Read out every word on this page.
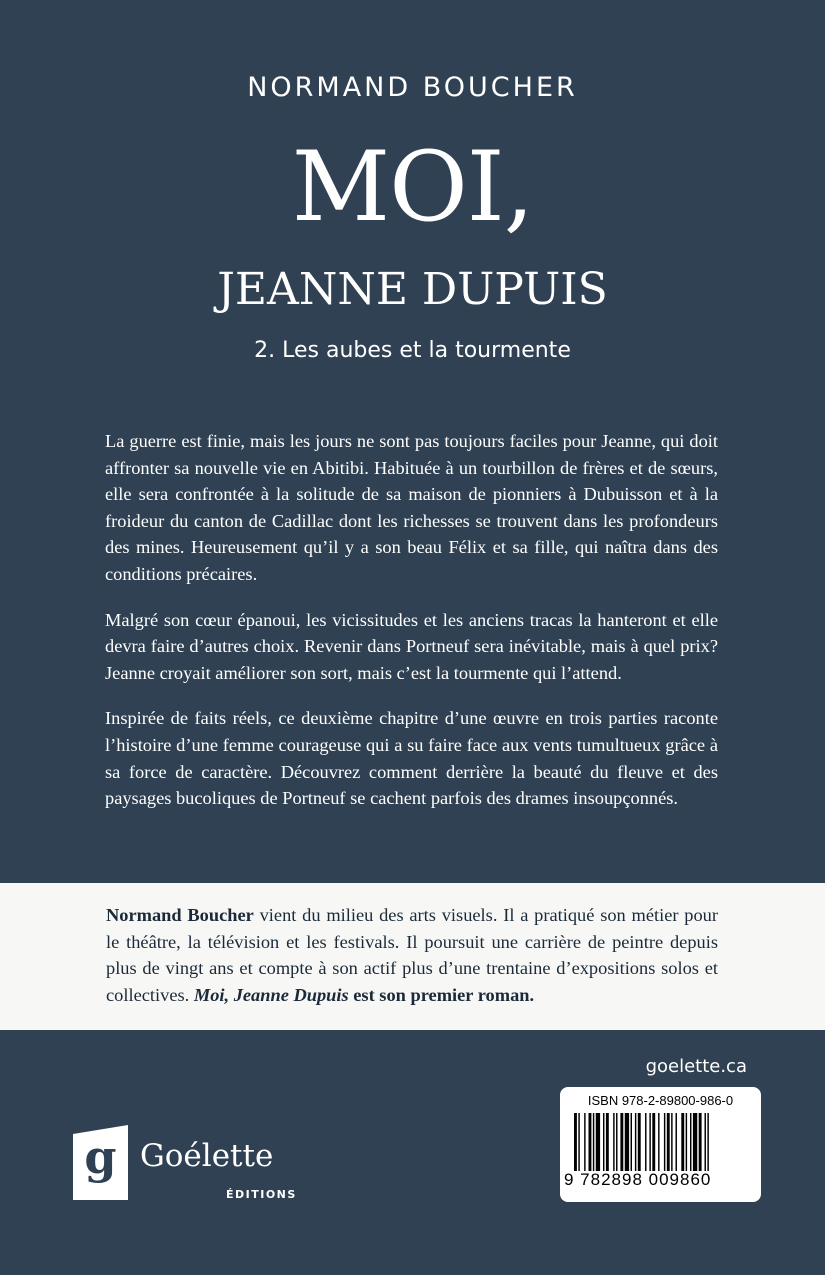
NORMAND BOUCHER
MOI,
JEANNE DUPUIS
2. Les aubes et la tourmente

La guerre est finie, mais les jours ne sont pas toujours faciles pour Jeanne, qui doit affronter sa nouvelle vie en Abitibi. Habituée à un tourbillon de frères et de sœurs, elle sera confrontée à la solitude de sa maison de pionniers à Dubuisson et à la froideur du canton de Cadillac dont les richesses se trouvent dans les profondeurs des mines. Heureusement qu’il y a son beau Félix et sa fille, qui naîtra dans des conditions précaires.

Malgré son cœur épanoui, les vicissitudes et les anciens tracas la hanteront et elle devra faire d’autres choix. Revenir dans Portneuf sera inévitable, mais à quel prix? Jeanne croyait améliorer son sort, mais c’est la tourmente qui l’attend.

Inspirée de faits réels, ce deuxième chapitre d’une œuvre en trois parties raconte l’histoire d’une femme courageuse qui a su faire face aux vents tumultueux grâce à sa force de caractère. Découvrez comment derrière la beauté du fleuve et des paysages bucoliques de Portneuf se cachent parfois des drames insoupçonnés.

Normand Boucher vient du milieu des arts visuels. Il a pratiqué son métier pour le théâtre, la télévision et les festivals. Il poursuit une carrière de peintre depuis plus de vingt ans et compte à son actif plus d’une trentaine d’expositions solos et collectives. Moi, Jeanne Dupuis est son premier roman.
goelette.ca
g Goélette
ÉDITIONS
ISBN 978-2-89800-986-0
9 782898 009860
